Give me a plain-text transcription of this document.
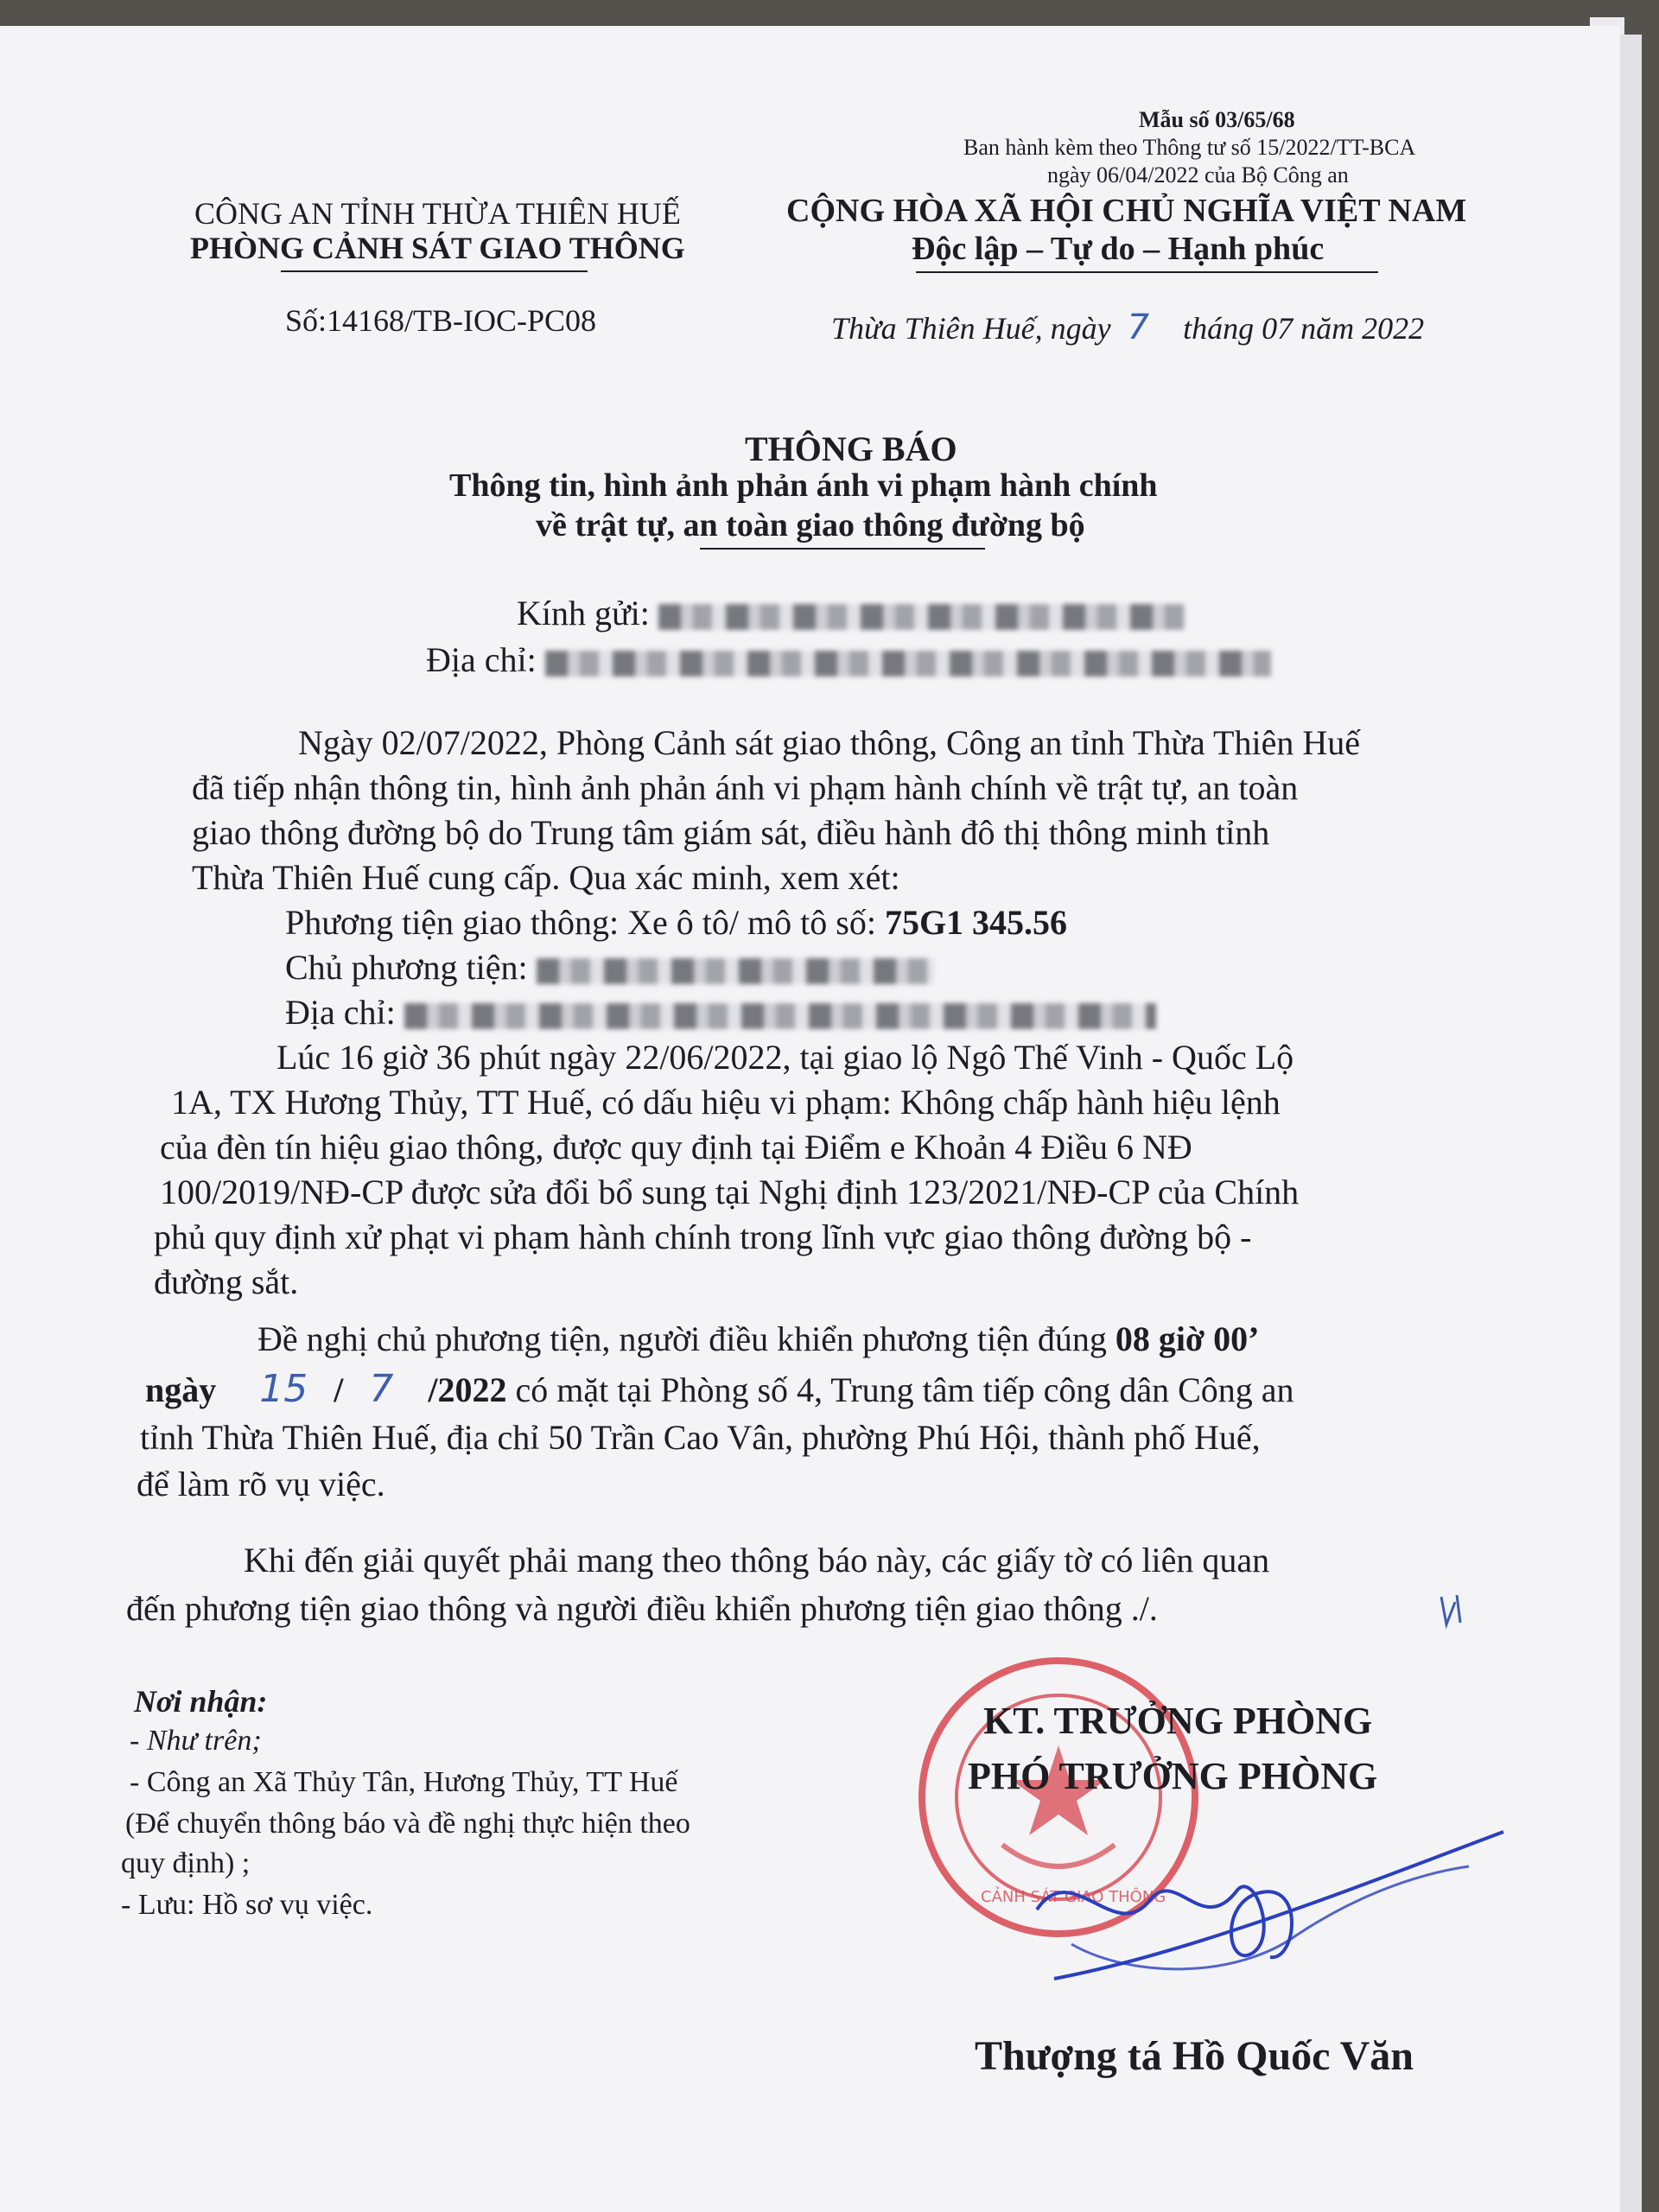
Mẫu số 03/65/68
Ban hành kèm theo Thông tư số 15/2022/TT-BCA
ngày 06/04/2022 của Bộ Công an
CÔNG AN TỈNH THỪA THIÊN HUẾ
PHÒNG CẢNH SÁT GIAO THÔNG
Số:14168/TB-IOC-PC08
CỘNG HÒA XÃ HỘI CHỦ NGHĨA VIỆT NAM
Độc lập – Tự do – Hạnh phúc
Thừa Thiên Huế, ngày 7 tháng 07 năm 2022
THÔNG BÁO
Thông tin, hình ảnh phản ánh vi phạm hành chính
về trật tự, an toàn giao thông đường bộ
Kính gửi:
Địa chỉ:
Ngày 02/07/2022, Phòng Cảnh sát giao thông, Công an tỉnh Thừa Thiên Huế
đã tiếp nhận thông tin, hình ảnh phản ánh vi phạm hành chính về trật tự, an toàn
giao thông đường bộ do Trung tâm giám sát, điều hành đô thị thông minh tỉnh
Thừa Thiên Huế cung cấp. Qua xác minh, xem xét:
Phương tiện giao thông: Xe ô tô/ mô tô số: 75G1 345.56
Chủ phương tiện:
Địa chỉ:
Lúc 16 giờ 36 phút ngày 22/06/2022, tại giao lộ Ngô Thế Vinh - Quốc Lộ
1A, TX Hương Thủy, TT Huế, có dấu hiệu vi phạm: Không chấp hành hiệu lệnh
của đèn tín hiệu giao thông, được quy định tại Điểm e Khoản 4 Điều 6 NĐ
100/2019/NĐ-CP được sửa đổi bổ sung tại Nghị định 123/2021/NĐ-CP của Chính
phủ quy định xử phạt vi phạm hành chính trong lĩnh vực giao thông đường bộ -
đường sắt.
Đề nghị chủ phương tiện, người điều khiển phương tiện đúng 08 giờ 00’
ngày 15 / 7 /2022 có mặt tại Phòng số 4, Trung tâm tiếp công dân Công an
tỉnh Thừa Thiên Huế, địa chỉ 50 Trần Cao Vân, phường Phú Hội, thành phố Huế,
để làm rõ vụ việc.
Khi đến giải quyết phải mang theo thông báo này, các giấy tờ có liên quan
đến phương tiện giao thông và người điều khiển phương tiện giao thông ./.
Nơi nhận:
- Như trên;
- Công an Xã Thủy Tân, Hương Thủy, TT Huế
(Để chuyển thông báo và đề nghị thực hiện theo
quy định) ;
- Lưu: Hồ sơ vụ việc.	CẢNH SÁT GIAO THÔNG
KT. TRƯỞNG PHÒNG
PHÓ TRƯỞNG PHÒNG
Thượng tá Hồ Quốc Văn
